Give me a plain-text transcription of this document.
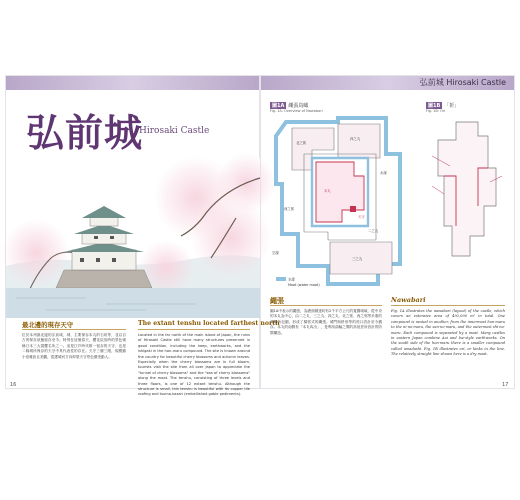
弘前城 Hirosaki Castle
弘前城
Hirosaki Castle
最北邊的現存天守	The extant tenshu located farthest north
位於本州最北邊的弘前城，城、主要保存本丸的石垣等，並以自古的保存狀態留存至今。特別在這個春天，櫻花綻放時的景色號稱日本三大賞櫻名所之一。這是江戶時代唯一留存的天守，也是二條城所保存的天守中具代表性的存在。天守三層三階，規模雖小但雅致且美觀，從護城河方向仰望天守景色優美動人。
Located in the far north of the main island of Japan, the ruins of Hirosaki Castle still have many structures preserved in good condition, including the keep, earthworks, and the ishigaki in the hon-maru compound. The site is known around the country for beautiful cherry blossoms and autumn leaves. Especially when the cherry blossoms are in full bloom, tourists visit the site from all over Japan to appreciate the "tunnel of cherry blossoms" and the "sea of cherry blossoms" along the moat. The tenshu, consisting of three levels and three floors, is one of 12 extant tenshu. Although the structure is small, this tenshu is beautiful with its copper tile roofing and tsuma-kazari (embellished gable pediments).
16
圖1A 繩張鳥瞰
Fig. 1A: Overview of Nawabari
本丸
二之丸
三之丸
北之郭
四之丸
西之郭
天守
水濠
空濠
水濠
Moat (water moat)
圖1B 「折」
Fig. 1B: Ori
繩張	Nawabari
圖1A中表示的繩張，為總面積達約有2千平方公尺的寬闊城域，從中央的本丸為中心，由二之丸、三之丸、四之丸、北之郭、西之郭等多重的曲輪所包圍，形成了梯郭式的縄張。城門與枡形等的虎口設計至今猶存。本丸的南側有「本丸馬出」，是利用曲輪之間的高低差所設計的防禦構造。
Fig. 1A illustrates the nawabari (layout) of the castle, which covers an extensive area of 492,000 m² in total. One compound is nested in another, from the innermost hon-maru to the ni-no-maru, the san-no-maru, and the outermost shi-no-maru. Each compound is separated by a moat. Many castles in eastern Japan combine Aoi and Ise-style earthworks. On the south side of the hon-maru there is a smaller compound called umadashi. Fig. 1B illustrates ori, or kinks in the line. The relatively straight line shown here is a dry moat.
17
